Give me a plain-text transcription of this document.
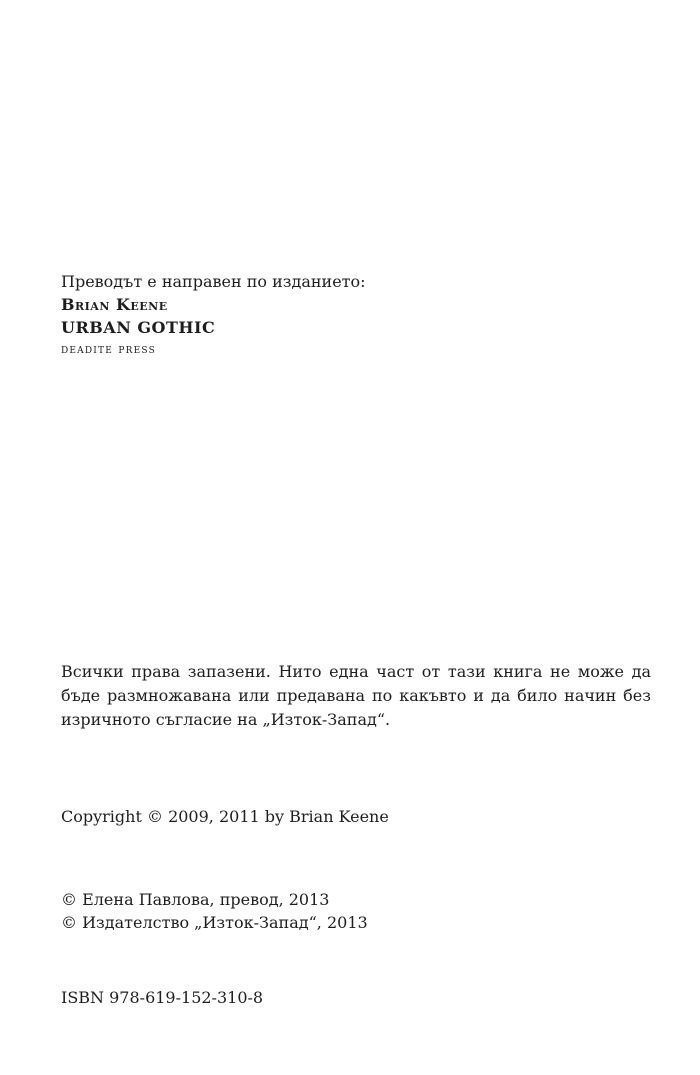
Преводът е направен по изданието:
Brian Keene
URBAN GOTHIC
deadite press
Всички права запазени. Нито една част от тази книга не може да бъде размножавана или предавана по какъвто и да било начин без изричното съгласие на „Изток-Запад“.
Copyright © 2009, 2011 by Brian Keene
© Елена Павлова, превод, 2013
© Издателство „Изток-Запад“, 2013
ISBN 978-619-152-310-8
